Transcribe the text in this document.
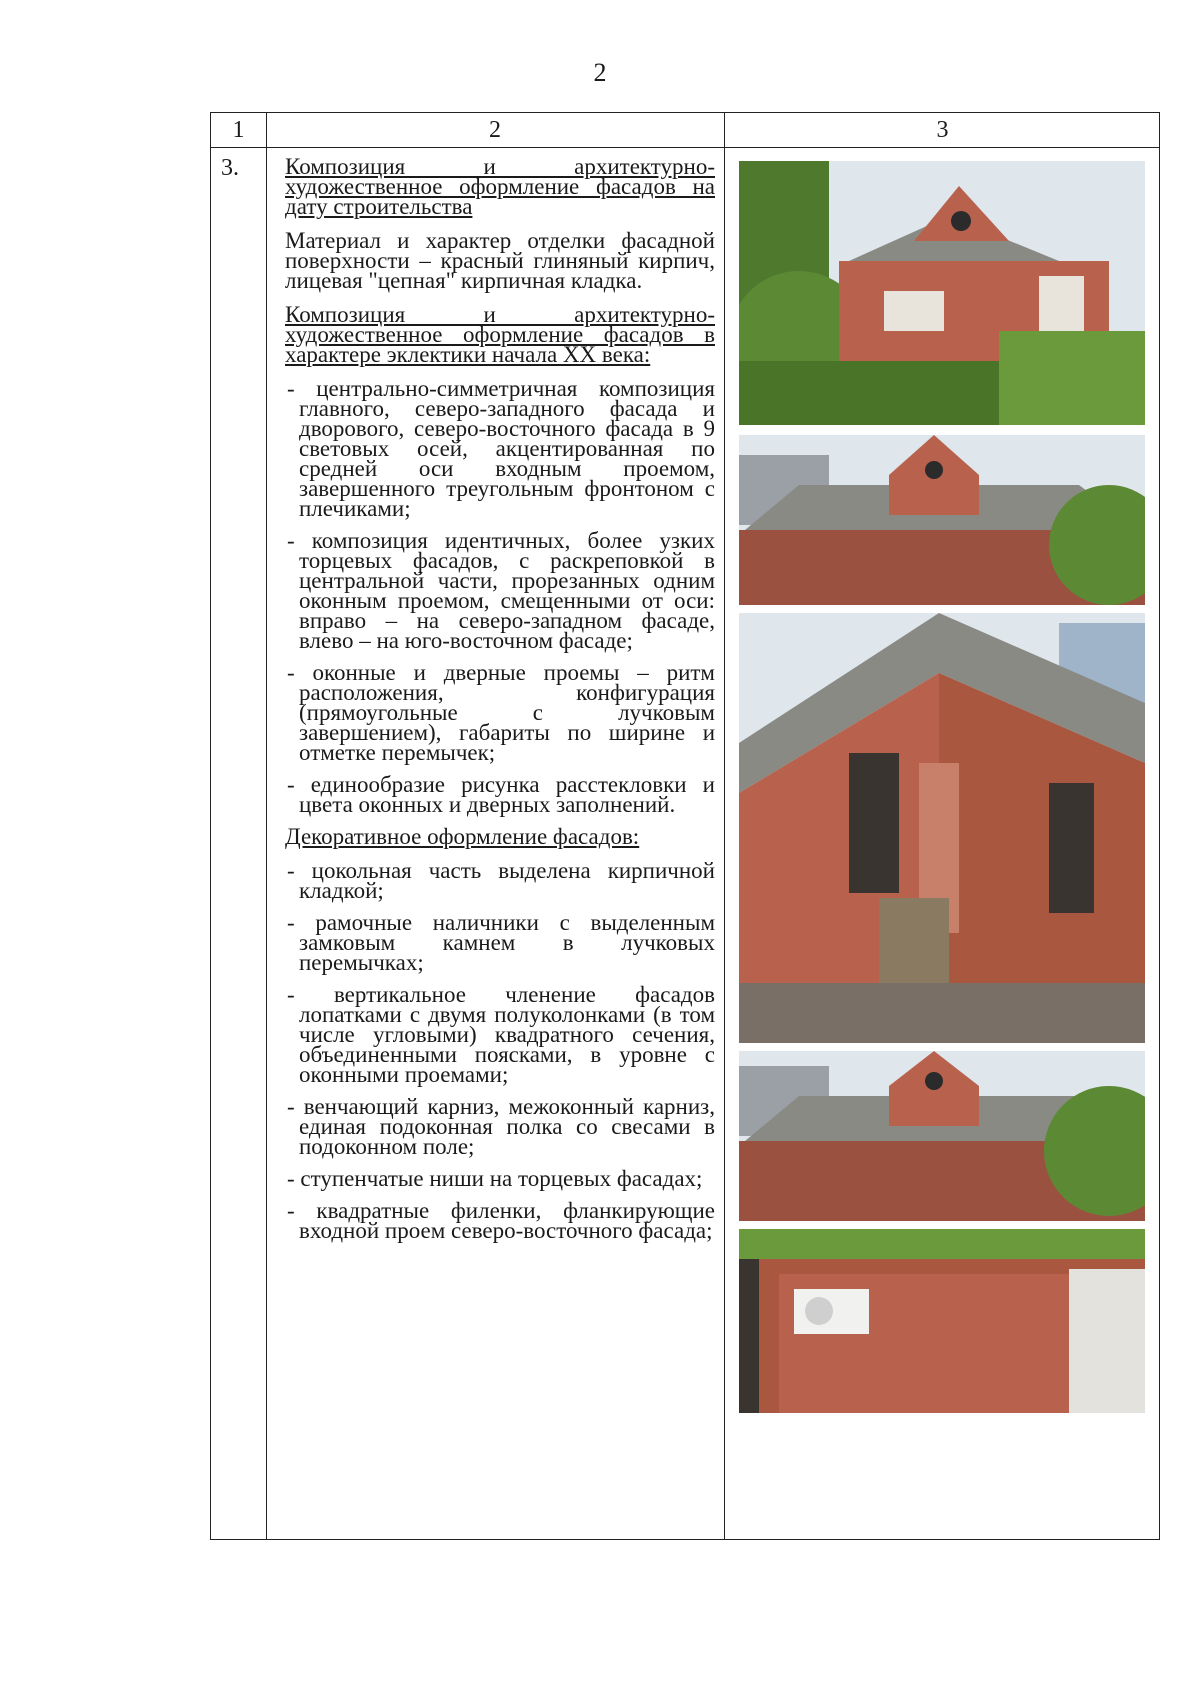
2
1	2	3
3. Композиция и архитектурно-художественное оформление фасадов на дату строительства

Материал и характер отделки фасадной поверхности – красный глиняный кирпич, лицевая "цепная" кирпичная кладка.

Композиция и архитектурно-художественное оформление фасадов в характере эклектики начала XX века:

- центрально-симметричная композиция главного, северо-западного фасада и дворового, северо-восточного фасада в 9 световых осей, акцентированная по средней оси входным проемом, завершенного треугольным фронтоном с плечиками;
- композиция идентичных, более узких торцевых фасадов, с раскреповкой в центральной части, прорезанных одним оконным проемом, смещенными от оси: вправо – на северо-западном фасаде, влево – на юго-восточном фасаде;
- оконные и дверные проемы – ритм расположения, конфигурация (прямоугольные с лучковым завершением), габариты по ширине и отметке перемычек;
- единообразие рисунка расстекловки и цвета оконных и дверных заполнений.

Декоративное оформление фасадов:

- цокольная часть выделена кирпичной кладкой;
- рамочные наличники с выделенным замковым камнем в лучковых перемычках;
- вертикальное членение фасадов лопатками с двумя полуколонками (в том числе угловыми) квадратного сечения, объединенными поясками, в уровне с оконными проемами;
- венчающий карниз, межоконный карниз, единая подоконная полка со свесами в подоконном поле;
- ступенчатые ниши на торцевых фасадах;
- квадратные филенки, фланкирующие входной проем северо-восточного фасада;
